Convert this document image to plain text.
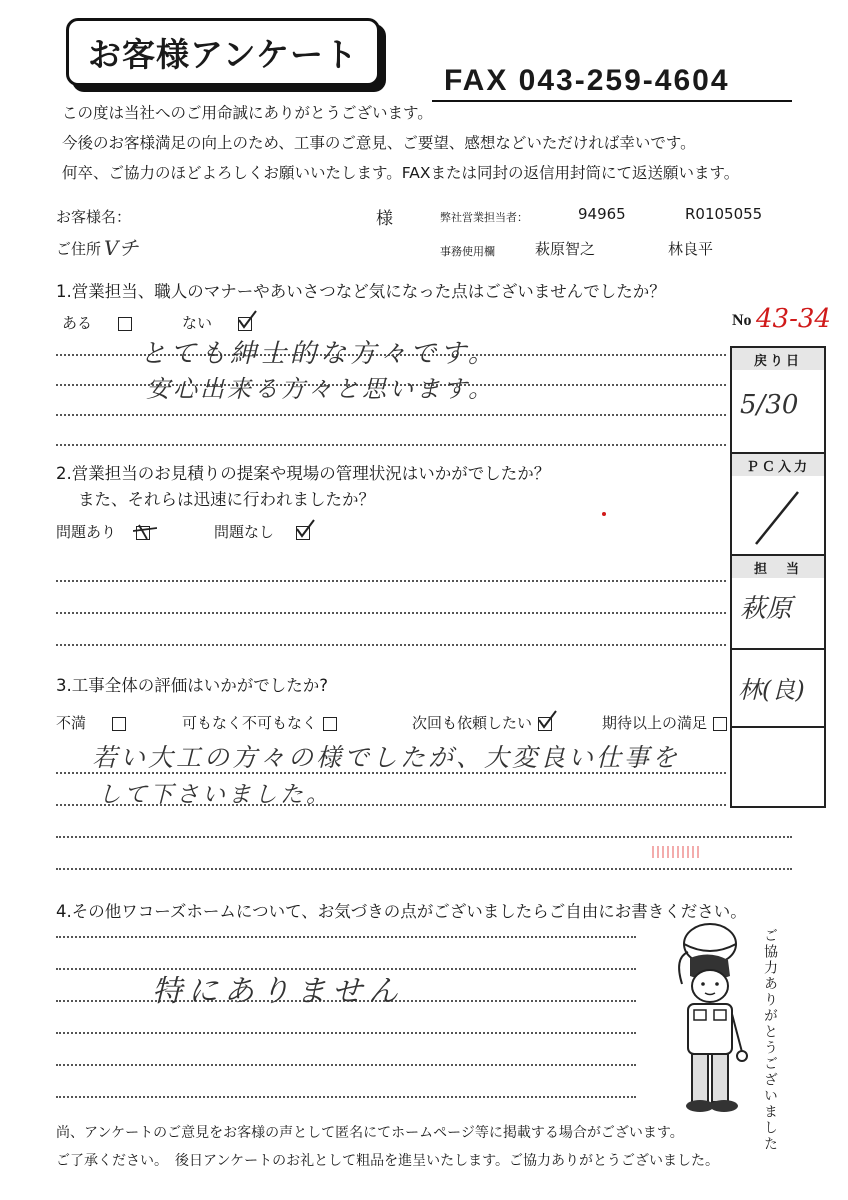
お客様アンケート
FAX 043-259-4604
この度は当社へのご用命誠にありがとうございます。
今後のお客様満足の向上のため、工事のご意見、ご要望、感想などいただければ幸いです。
何卒、ご協力のほどよろしくお願いいたします。FAXまたは同封の返信用封筒にて返送願います。
お客様名：	様	弊社営業担当者：	94965	R0105055
ご住所 Vチ	事務使用欄	萩原智之	林良平
1.営業担当、職人のマナーやあいさつなど気になった点はございませんでしたか？
ある	ない
とても紳士的な方々です。
安心出来る方々と思います。
2.営業担当のお見積りの提案や現場の管理状況はいかがでしたか？
また、それらは迅速に行われましたか？
問題あり	問題なし
3.工事全体の評価はいかがでしたか?
不満	可もなく不可もなく	次回も依頼したい	期待以上の満足
若い大工の方々の様でしたが、大変良い仕事を
して下さいました。
4.その他ワコーズホームについて、お気づきの点がございましたらご自由にお書きください。
特にありません
No 43-34
戻り日
5/30
ＰＣ入力
担　当
萩原
林(良)
ご協力ありがとうございました
尚、アンケートのご意見をお客様の声として匿名にてホームページ等に掲載する場合がございます。
ご了承ください。　後日アンケートのお礼として粗品を進呈いたします。ご協力ありがとうございました。
